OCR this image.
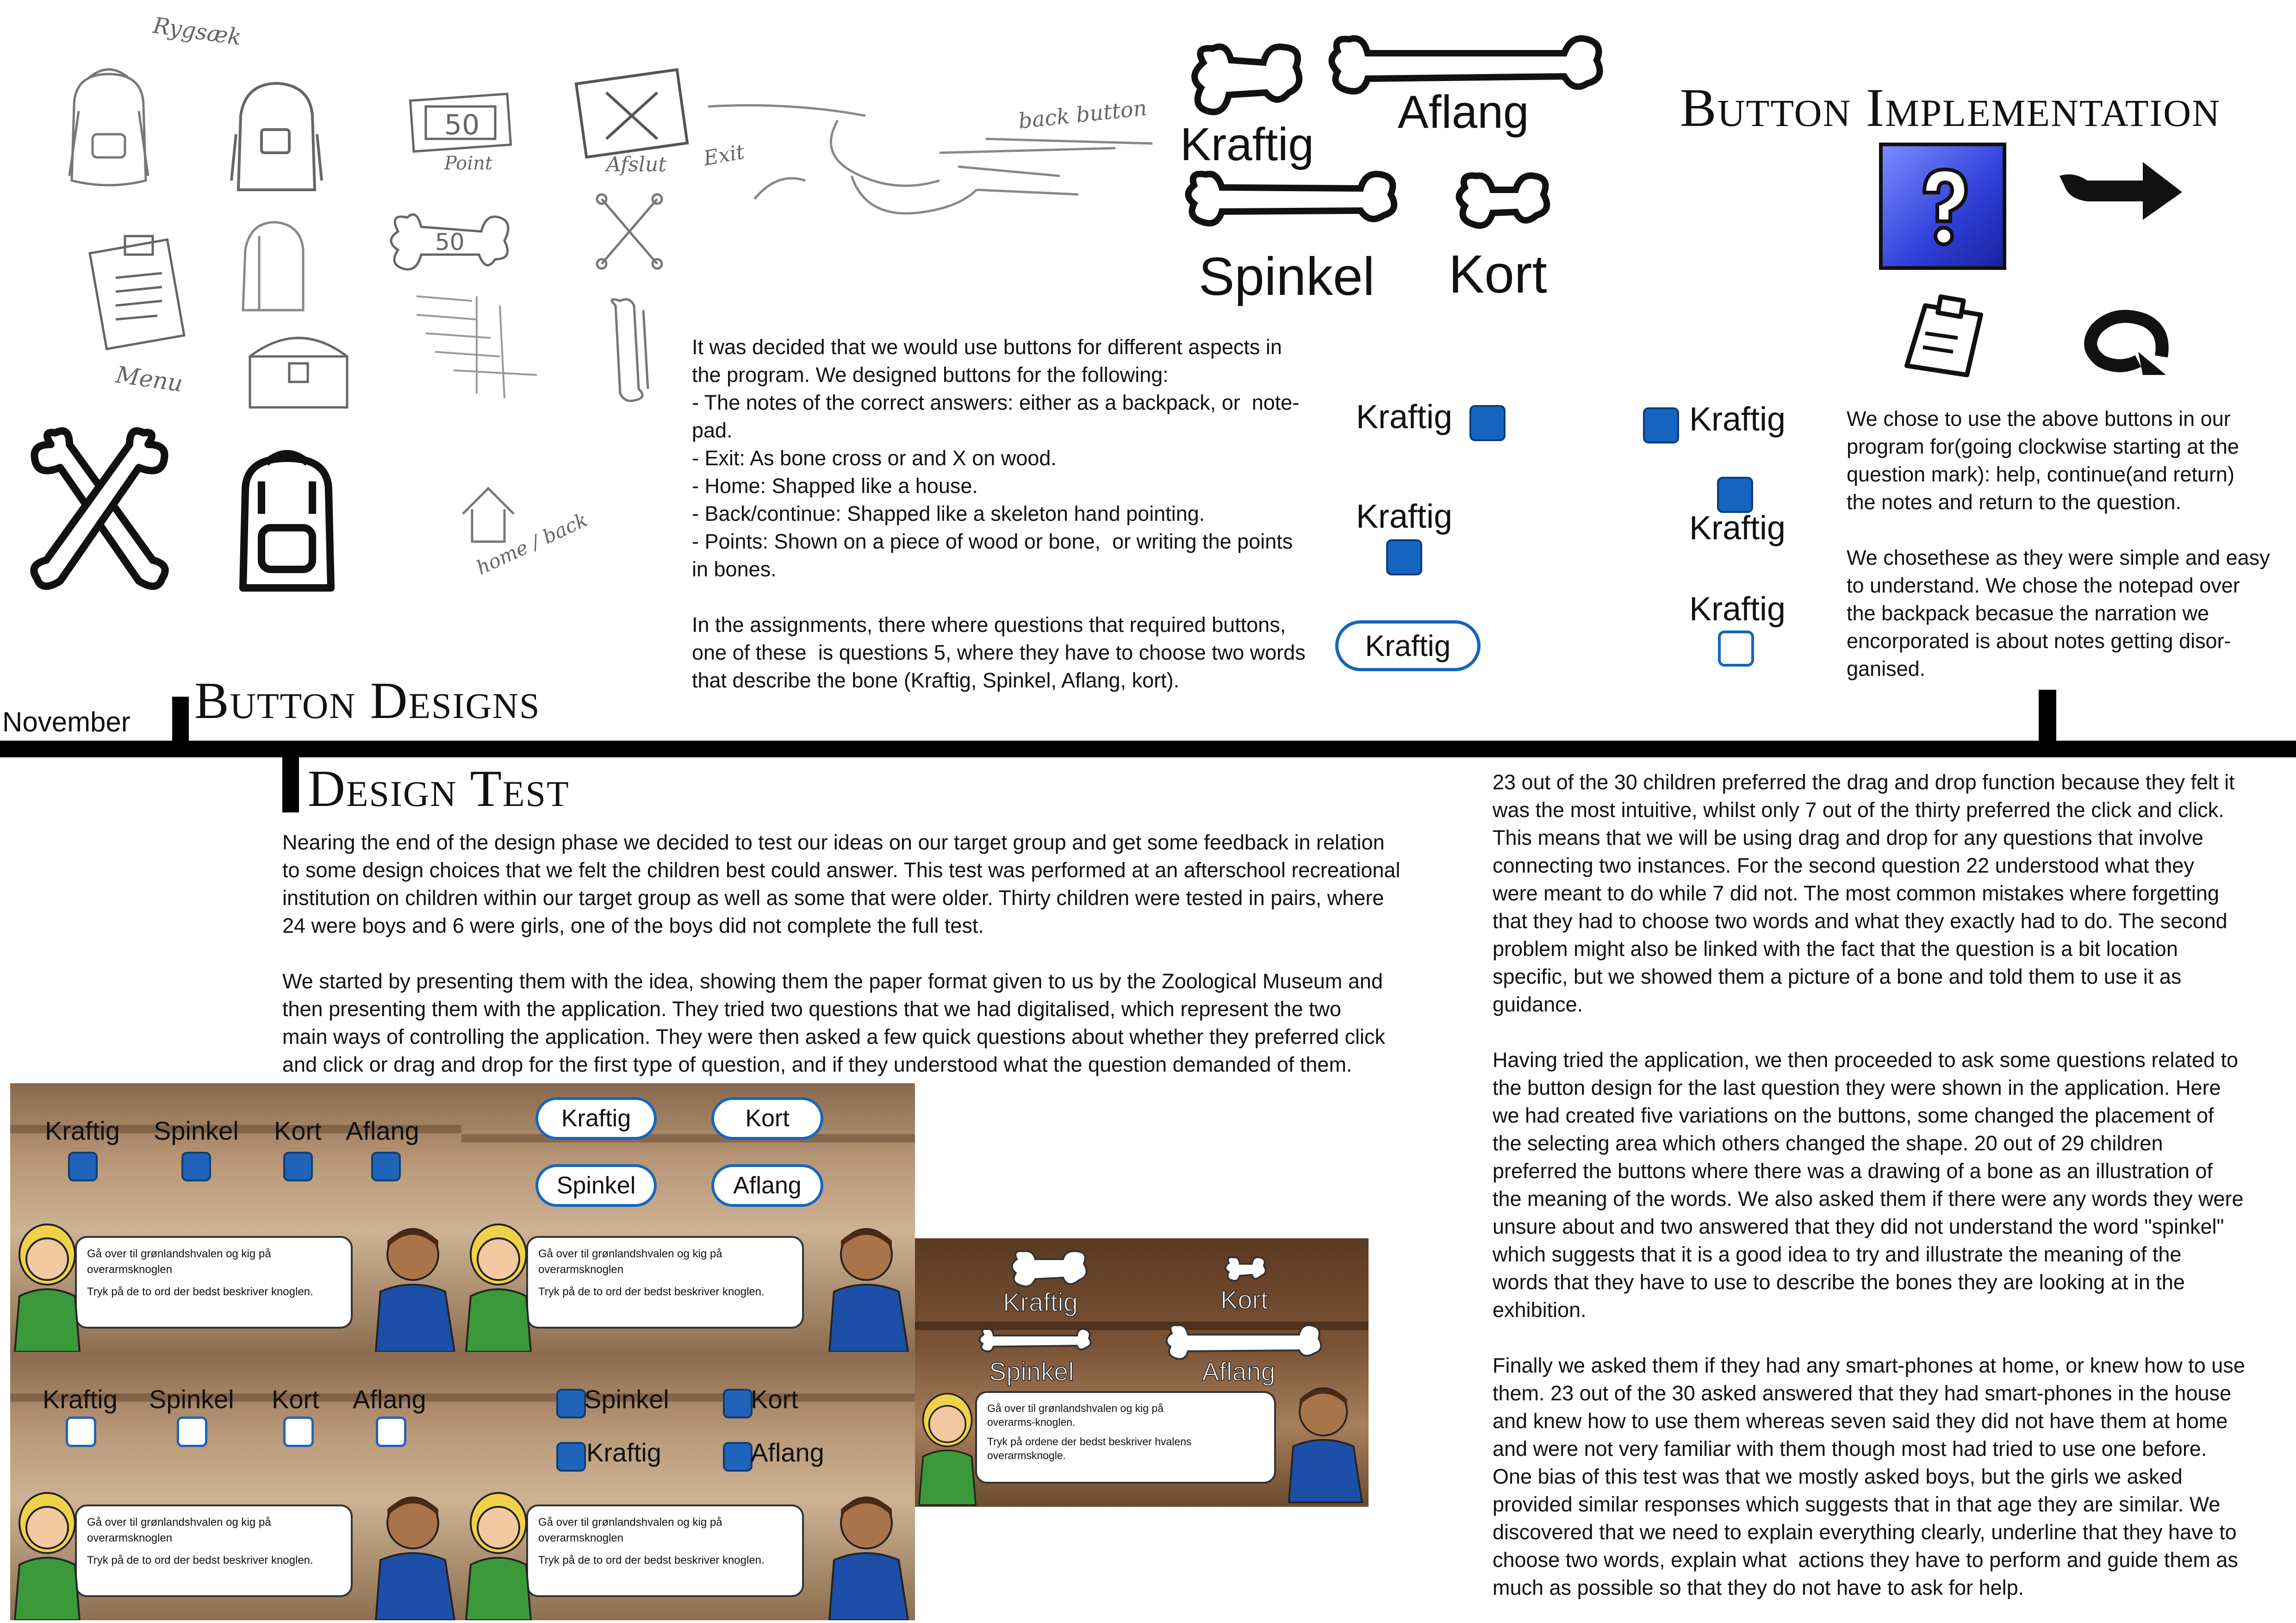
Rygsæk
50
Point	Afslut Exit
back button
Menu
50
home / back
Aflang
Kraftig
Spinkel Kort
Kraftig	Kraftig
Kraftig	Kraftig
Kraftig
Kraftig
It was decided that we would use buttons for different aspects in
the program. We designed buttons for the following:
- The notes of the correct answers: either as a backpack, or  note-
pad.
- Exit: As bone cross or and X on wood.
- Home: Shapped like a house.
- Back/continue: Shapped like a skeleton hand pointing.
- Points: Shown on a piece of wood or bone,  or writing the points
in bones.

In the assignments, there where questions that required buttons,
one of these  is questions 5, where they have to choose two words
that describe the bone (Kraftig, Spinkel, Aflang, kort).
Button Implementation
We chose to use the above buttons in our
program for(going clockwise starting at the
question mark): help, continue(and return)
the notes and return to the question.

We chosethese as they were simple and easy
to understand. We chose the notepad over
the backpack becasue the narration we
encorporated is about notes getting disor-
ganised.
November Button Designs
Design Test
Nearing the end of the design phase we decided to test our ideas on our target group and get some feedback in relation
to some design choices that we felt the children best could answer. This test was performed at an afterschool recreational
institution on children within our target group as well as some that were older. Thirty children were tested in pairs, where
24 were boys and 6 were girls, one of the boys did not complete the full test.

We started by presenting them with the idea, showing them the paper format given to us by the Zoological Museum and
then presenting them with the application. They tried two questions that we had digitalised, which represent the two
main ways of controlling the application. They were then asked a few quick questions about whether they preferred click
and click or drag and drop for the first type of question, and if they understood what the question demanded of them.
23 out of the 30 children preferred the drag and drop function because they felt it
was the most intuitive, whilst only 7 out of the thirty preferred the click and click.
This means that we will be using drag and drop for any questions that involve
connecting two instances. For the second question 22 understood what they
were meant to do while 7 did not. The most common mistakes where forgetting
that they had to choose two words and what they exactly had to do. The second
problem might also be linked with the fact that the question is a bit location
specific, but we showed them a picture of a bone and told them to use it as
guidance.

Having tried the application, we then proceeded to ask some questions related to
the button design for the last question they were shown in the application. Here
we had created five variations on the buttons, some changed the placement of
the selecting area which others changed the shape. 20 out of 29 children
preferred the buttons where there was a drawing of a bone as an illustration of
the meaning of the words. We also asked them if there were any words they were
unsure about and two answered that they did not understand the word "spinkel"
which suggests that it is a good idea to try and illustrate the meaning of the
words that they have to use to describe the bones they are looking at in the
exhibition.

Finally we asked them if they had any smart-phones at home, or knew how to use
them. 23 out of the 30 asked answered that they had smart-phones in the house
and knew how to use them whereas seven said they did not have them at home
and were not very familiar with them though most had tried to use one before.
One bias of this test was that we mostly asked boys, but the girls we asked
provided similar responses which suggests that in that age they are similar. We
discovered that we need to explain everything clearly, underline that they have to
choose two words, explain what  actions they have to perform and guide them as
much as possible so that they do not have to ask for help.
Kraftig Spinkel Kort Aflang
Gå over til grønlandshvalen og kig på
overarmsknoglen
Tryk på de to ord der bedst beskriver knoglen.
Kraftig	Kort
Spinkel	Aflang
Gå over til grønlandshvalen og kig på
overarmsknoglen
Tryk på de to ord der bedst beskriver knoglen.
Kraftig Spinkel Kort Aflang
Gå over til grønlandshvalen og kig på
overarmsknoglen
Tryk på de to ord der bedst beskriver knoglen.
Spinkel	Kort
Kraftig	Aflang
Gå over til grønlandshvalen og kig på
overarmsknoglen
Tryk på de to ord der bedst beskriver knoglen.
Kraftig	Kort
Spinkel	Aflang
Gå over til grønlandshvalen og kig på
overarms-knoglen.
Tryk på ordene der bedst beskriver hvalens
overarmsknogle.
